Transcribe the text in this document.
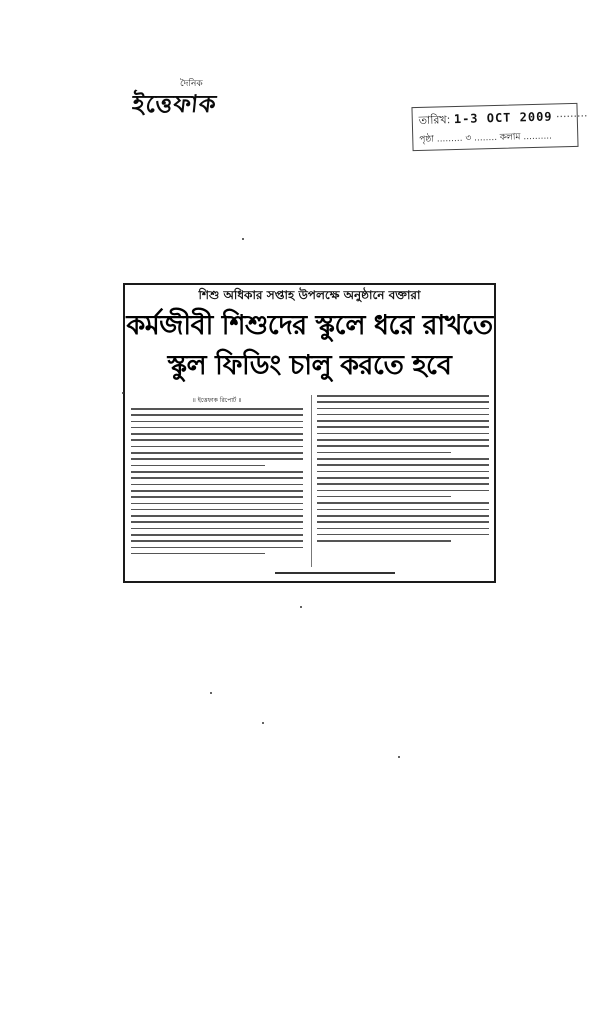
দৈনিক
ইত্তেফাক
তারিখ: 1-3 OCT 2009 ·········
পৃষ্ঠা ......... ৩ ........ কলাম ..........
শিশু অধিকার সপ্তাহ উপলক্ষে অনুষ্ঠানে বক্তারা
কর্মজীবী শিশুদের স্কুলে ধরে রাখতে
স্কুল ফিডিং চালু করতে হবে
॥ ইত্তেফাক রিপোর্ট ॥
